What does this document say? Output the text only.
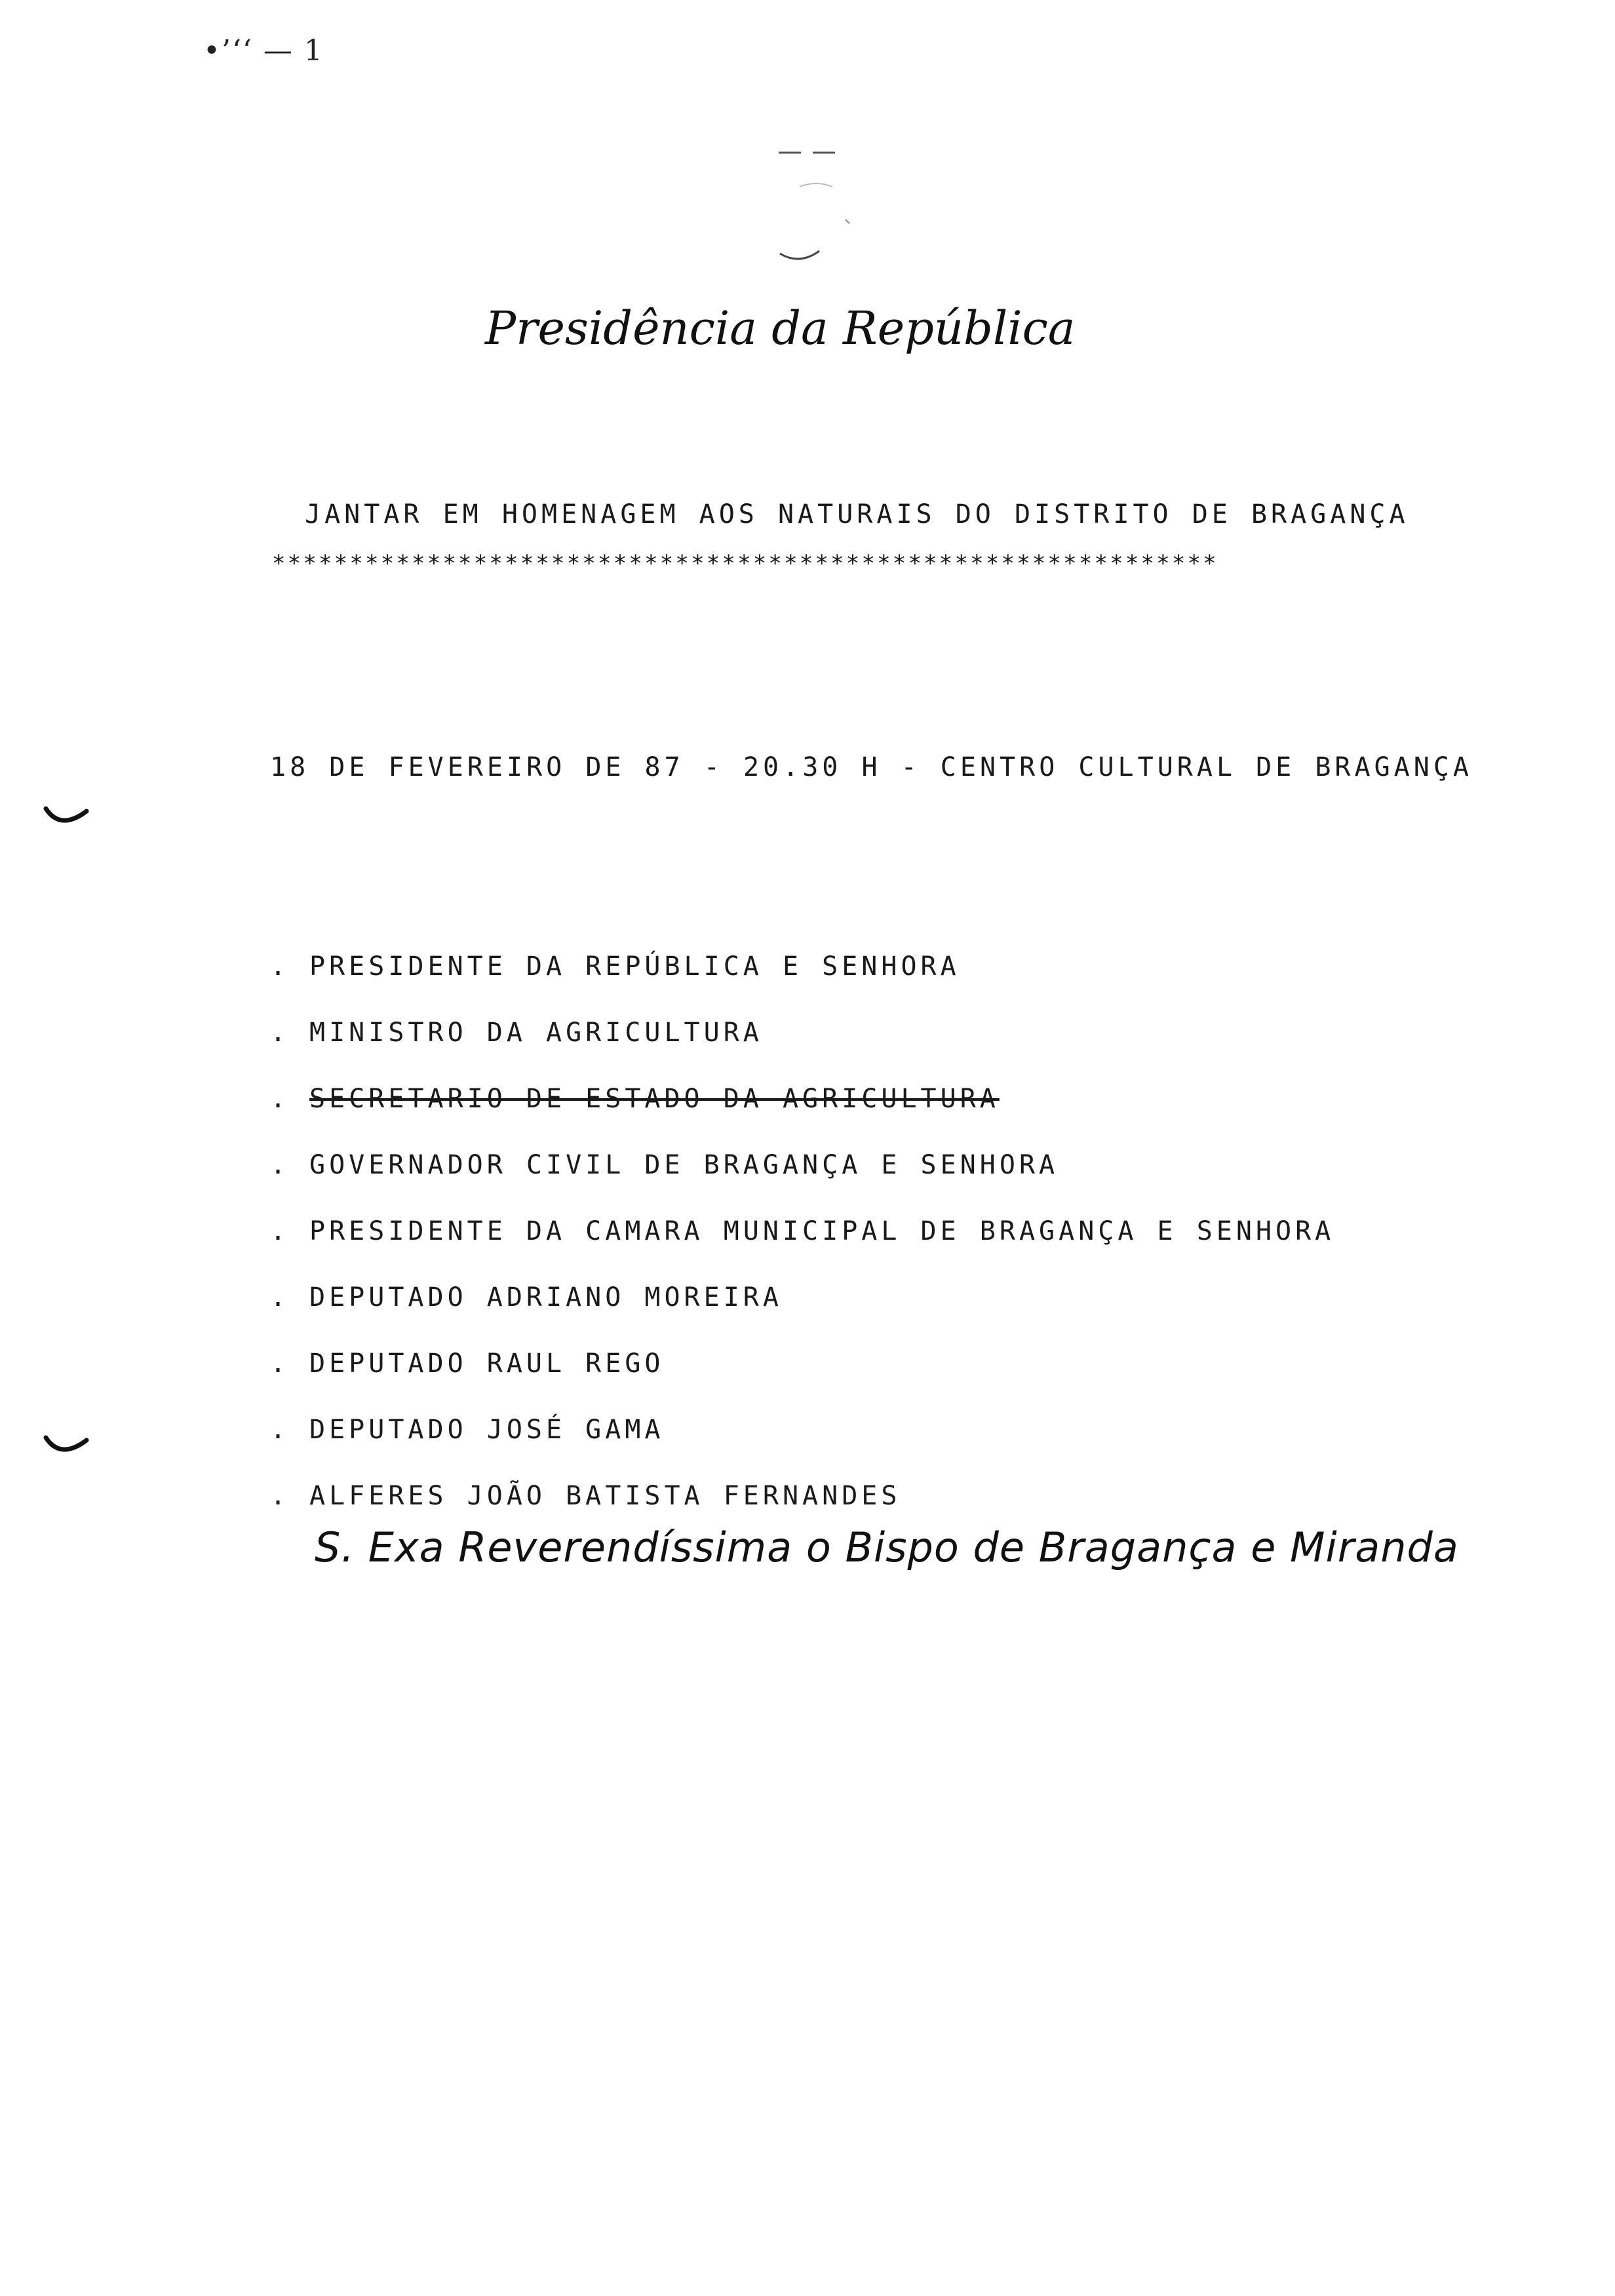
•’‘‘ — 1
Presidência da República
JANTAR EM HOMENAGEM AOS NATURAIS DO DISTRITO DE BRAGANÇA
*************************************************************
18 DE FEVEREIRO DE 87 - 20.30 H - CENTRO CULTURAL DE BRAGANÇA
. PRESIDENTE DA REPÚBLICA E SENHORA
. MINISTRO DA AGRICULTURA
. SECRETARIO DE ESTADO DA AGRICULTURA
. GOVERNADOR CIVIL DE BRAGANÇA E SENHORA
. PRESIDENTE DA CAMARA MUNICIPAL DE BRAGANÇA E SENHORA
. DEPUTADO ADRIANO MOREIRA
. DEPUTADO RAUL REGO
. DEPUTADO JOSÉ GAMA
. ALFERES JOÃO BATISTA FERNANDES
S. Exa Reverendíssima o Bispo de Bragança e Miranda
